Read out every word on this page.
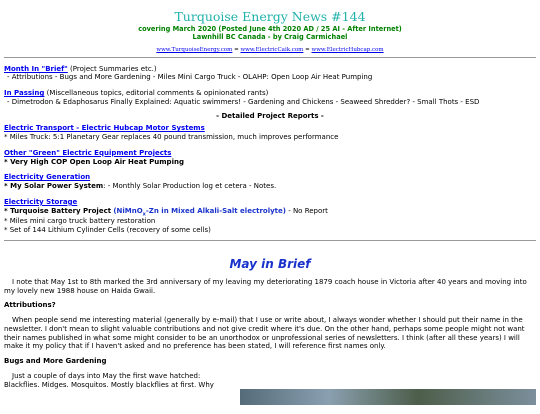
Turquoise Energy News #144
covering March 2020 (Posted June 4th 2020 AD / 25 AI - After Internet)
Lawnhill BC Canada - by Craig Carmichael
www.TurquoiseEnergy.com = www.ElectricCaik.com = www.ElectricHubcap.com
Month In "Brief" (Project Summaries etc.)
- Attributions - Bugs and More Gardening - Miles Mini Cargo Truck - OLAHP: Open Loop Air Heat Pumping
In Passing (Miscellaneous topics, editorial comments & opinionated rants)
- Dimetrodon & Edaphosarus Finally Explained: Aquatic swimmers! - Gardening and Chickens - Seaweed Shredder? - Small Thots - ESD
- Detailed Project Reports -
Electric Transport - Electric Hubcap Motor Systems
* Miles Truck: 5:1 Planetary Gear replaces 40 pound transmission, much improves performance
Other "Green" Electric Equipment Projects
* Very High COP Open Loop Air Heat Pumping
Electricity Generation
* My Solar Power System: - Monthly Solar Production log et cetera - Notes.
Electricity Storage
* Turquoise Battery Project (NiMnO$_x$-Zn in Mixed Alkali-Salt electrolyte) - No Report
* Miles mini cargo truck battery restoration
* Set of 144 Lithium Cylinder Cells (recovery of some cells)
May in Brief

I note that May 1st to 8th marked the 3rd anniversary of my leaving my deteriorating 1879 coach house in Victoria after 40 years and moving into my lovely new 1988 house on Haida Gwaii.

Attributions?

When people send me interesting material (generally by e-mail) that I use or write about, I always wonder whether I should put their name in the newsletter. I don't mean to slight valuable contributions and not give credit where it's due. On the other hand, perhaps some people might not want their names published in what some might consider to be an unorthodox or unprofessional series of newsletters. I think (after all these years) I will make it my policy that if I haven't asked and no preference has been stated, I will reference first names only.

Bugs and More Gardening

Just a couple of days into May the first wave hatched:

Blackflies. Midges. Mosquitos. Mostly blackflies at first. Why
